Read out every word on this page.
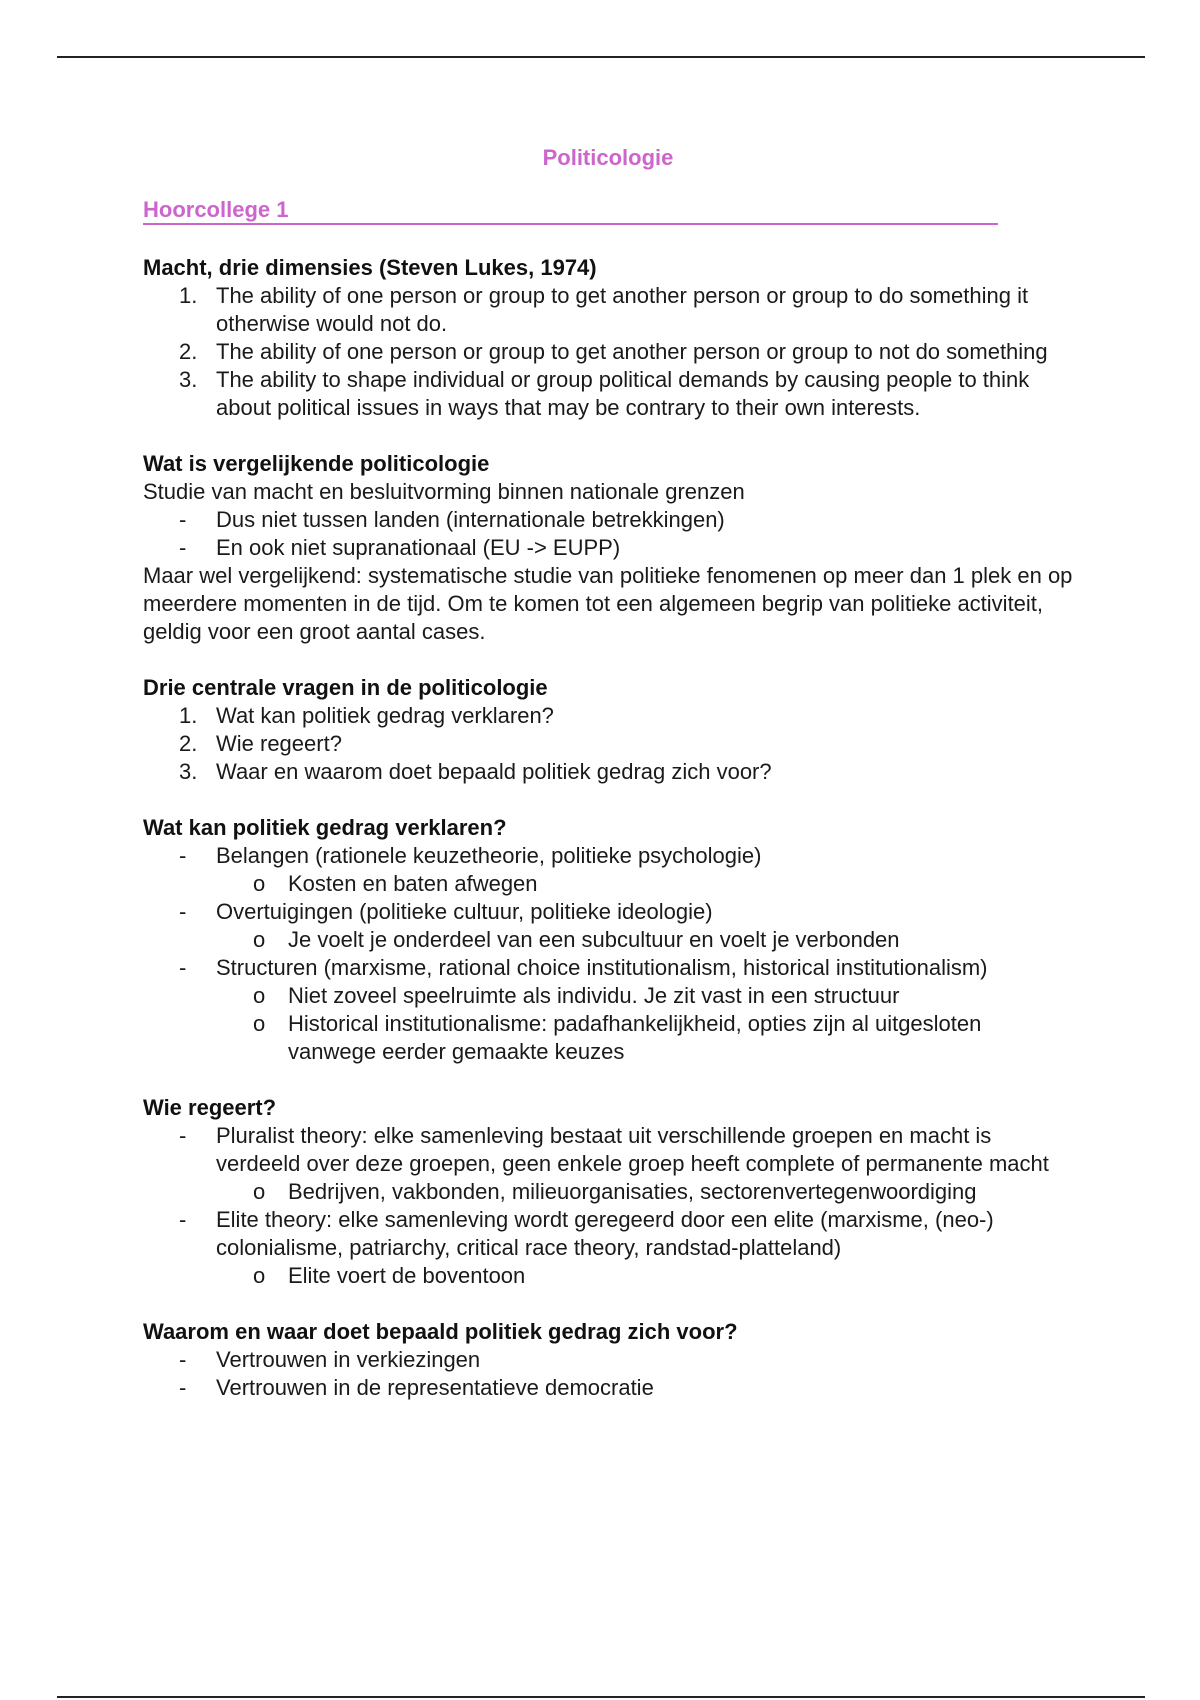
Politicologie
Hoorcollege 1
Macht, drie dimensies (Steven Lukes, 1974)
1. The ability of one person or group to get another person or group to do something it otherwise would not do.
2. The ability of one person or group to get another person or group to not do something
3. The ability to shape individual or group political demands by causing people to think about political issues in ways that may be contrary to their own interests.
Wat is vergelijkende politicologie

Studie van macht en besluitvorming binnen nationale grenzen

-	Dus niet tussen landen (internationale betrekkingen)
-	En ook niet supranationaal (EU -> EUPP)

Maar wel vergelijkend: systematische studie van politieke fenomenen op meer dan 1 plek en op meerdere momenten in de tijd. Om te komen tot een algemeen begrip van politieke activiteit, geldig voor een groot aantal cases.

Drie centrale vragen in de politicologie
1. Wat kan politiek gedrag verklaren?
2. Wie regeert?
3. Waar en waarom doet bepaald politiek gedrag zich voor?
Wat kan politiek gedrag verklaren?
-	Belangen (rationele keuzetheorie, politieke psychologie)
o	Kosten en baten afwegen
-	Overtuigingen (politieke cultuur, politieke ideologie)
o	Je voelt je onderdeel van een subcultuur en voelt je verbonden
-	Structuren (marxisme, rational choice institutionalism, historical institutionalism)
o	Niet zoveel speelruimte als individu. Je zit vast in een structuur
o	Historical institutionalisme: padafhankelijkheid, opties zijn al uitgesloten vanwege eerder gemaakte keuzes
Wie regeert?
-	Pluralist theory: elke samenleving bestaat uit verschillende groepen en macht is verdeeld over deze groepen, geen enkele groep heeft complete of permanente macht
o	Bedrijven, vakbonden, milieuorganisaties, sectorenvertegenwoordiging
-	Elite theory: elke samenleving wordt geregeerd door een elite (marxisme, (neo-) colonialisme, patriarchy, critical race theory, randstad-platteland)
o	Elite voert de boventoon
Waarom en waar doet bepaald politiek gedrag zich voor?
-	Vertrouwen in verkiezingen
-	Vertrouwen in de representatieve democratie
